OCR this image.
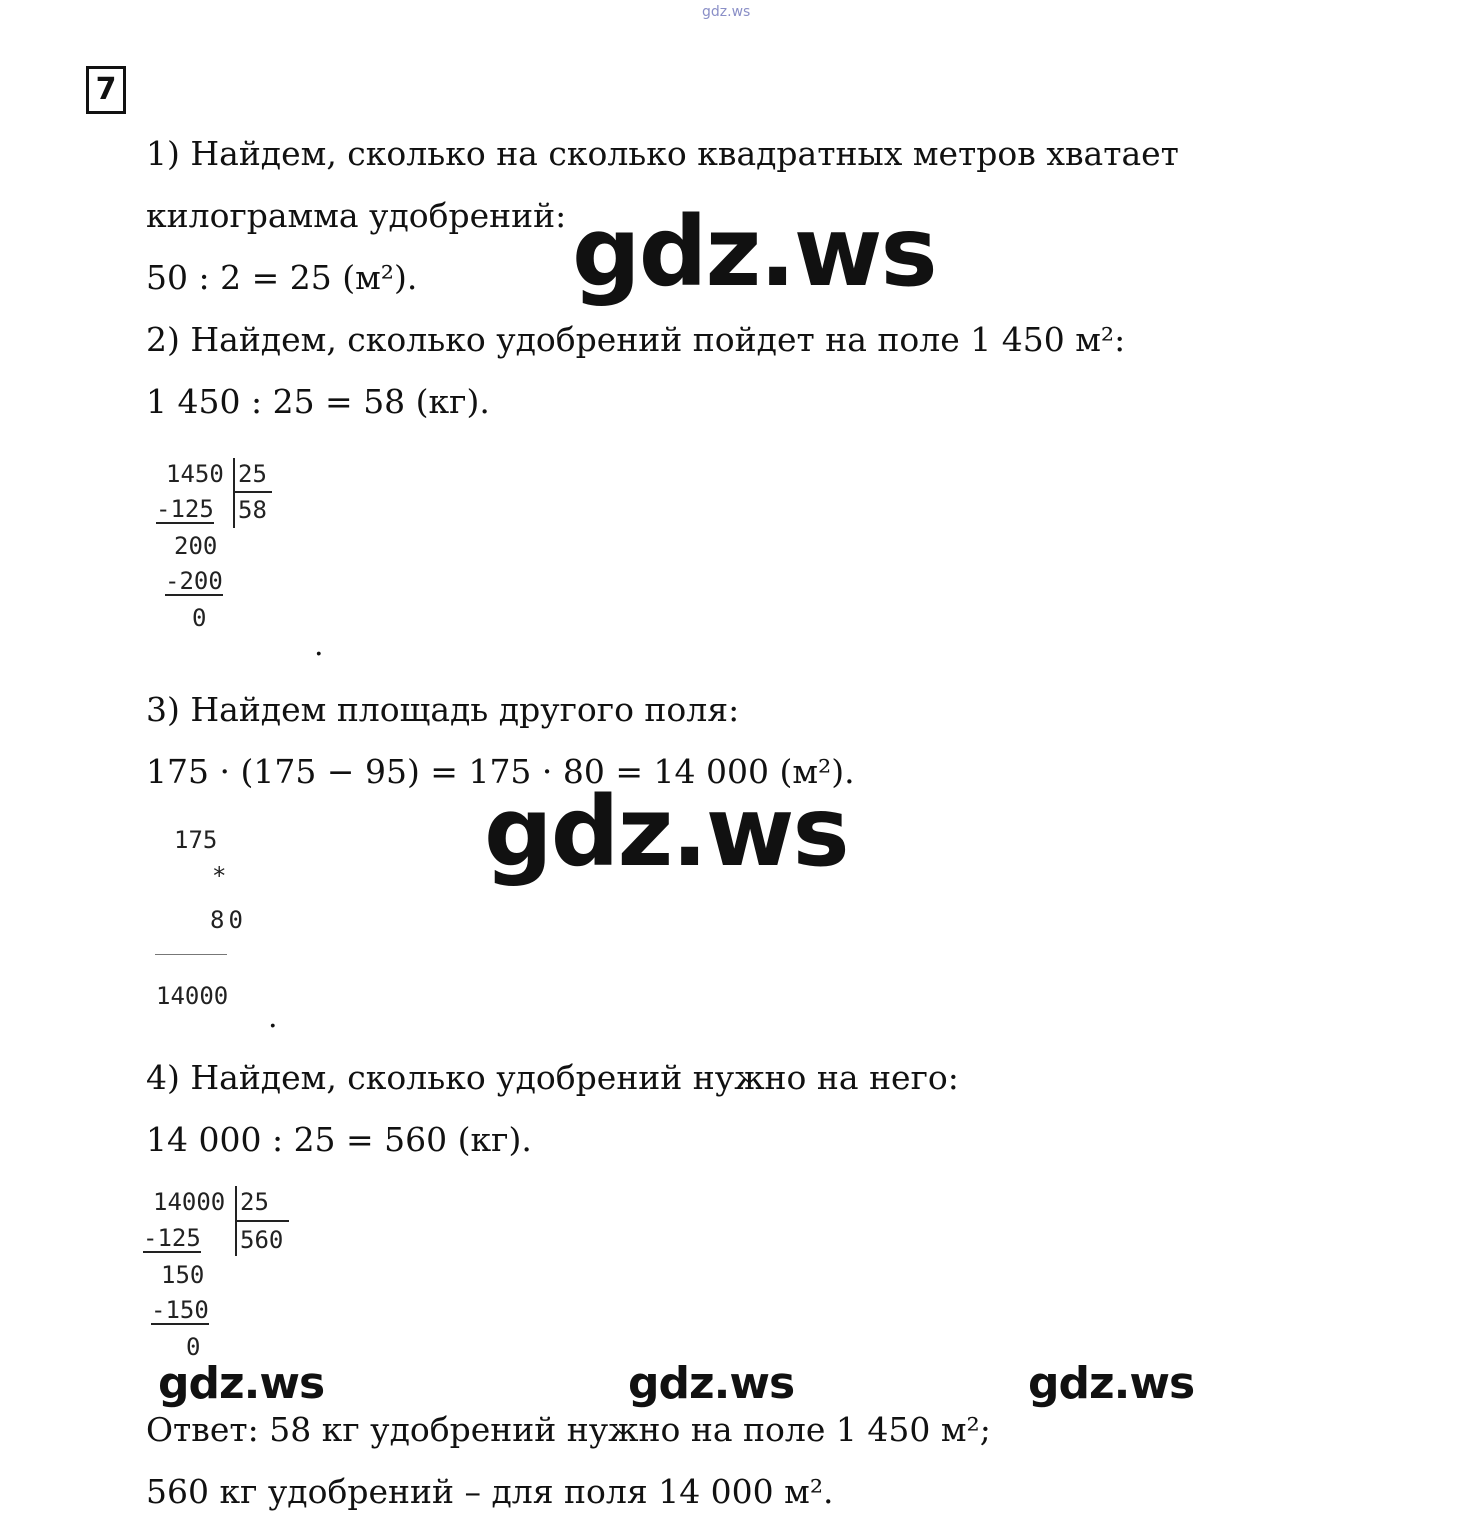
gdz.ws
7
1) Найдем, сколько на сколько квадратных метров хватает
килограмма удобрений:
50 : 2 = 25 (м²).
2) Найдем, сколько удобрений пойдет на поле 1 450 м²:
1 450 : 25 = 58 (кг).
1450 25
58
-125
200
-200
0
.
3) Найдем площадь другого поля:
175 · (175 − 95) = 175 · 80 = 14 000 (м²).
175
*
80
14000
.
4) Найдем, сколько удобрений нужно на него:
14 000 : 25 = 560 (кг).
14000 25
560
-125
150
-150
0
Ответ: 58 кг удобрений нужно на поле 1 450 м²;
560 кг удобрений – для поля 14 000 м².
gdz.ws
gdz.ws
gdz.ws	gdz.ws	gdz.ws
